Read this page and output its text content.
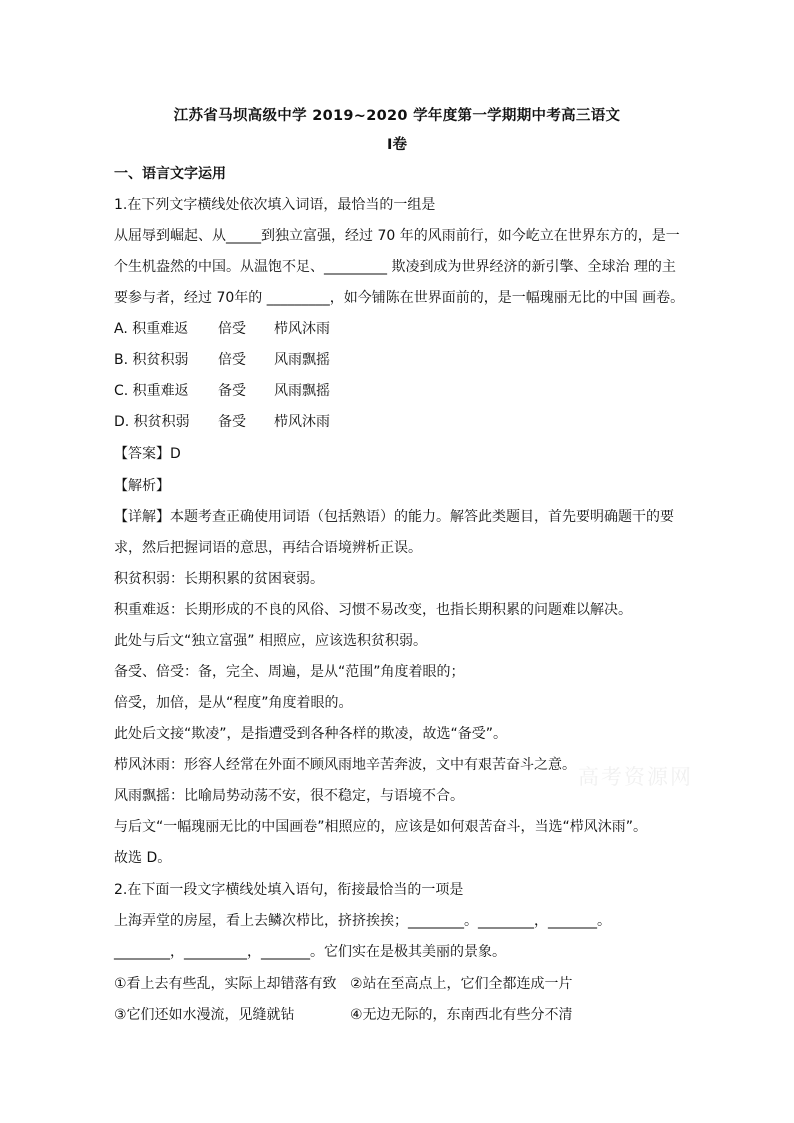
江苏省马坝高级中学 2019~2020 学年度第一学期期中考高三语文
Ⅰ卷
一、语言文字运用
1.在下列文字横线处依次填入词语，最恰当的一组是
从屈辱到崛起、从_____到独立富强，经过 70 年的风雨前行，如今屹立在世界东方的，是一
个生机盎然的中国。从温饱不足、_________ 欺凌到成为世界经济的新引擎、全球治 理的主
要参与者，经过 70年的 _________，如今铺陈在世界面前的，是一幅瑰丽无比的中国 画卷。
A. 积重难返 倍受 栉风沐雨
B. 积贫积弱 倍受 风雨飘摇
C. 积重难返 备受 风雨飘摇
D. 积贫积弱 备受 栉风沐雨
【答案】D
【解析】
【详解】本题考查正确使用词语（包括熟语）的能力。解答此类题目，首先要明确题干的要
求，然后把握词语的意思，再结合语境辨析正误。
积贫积弱：长期积累的贫困衰弱。
积重难返：长期形成的不良的风俗、习惯不易改变，也指长期积累的问题难以解决。
此处与后文“独立富强” 相照应，应该选积贫积弱。
备受、倍受：备，完全、周遍，是从“范围”角度着眼的；
倍受，加倍，是从“程度”角度着眼的。
此处后文接“欺凌”，是指遭受到各种各样的欺凌，故选“备受”。
栉风沐雨：形容人经常在外面不顾风雨地辛苦奔波，文中有艰苦奋斗之意。
风雨飘摇：比喻局势动荡不安，很不稳定，与语境不合。
与后文“一幅瑰丽无比的中国画卷”相照应的，应该是如何艰苦奋斗，当选“栉风沐雨”。
故选 D。
2.在下面一段文字横线处填入语句，衔接最恰当的一项是
上海弄堂的房屋，看上去鳞次栉比，挤挤挨挨；________。________，_______。
________，_________，_______。它们实在是极其美丽的景象。
①看上去有些乱，实际上却错落有致 ②站在至高点上，它们全都连成一片
③它们还如水漫流，见缝就钻	④无边无际的，东南西北有些分不清
高考资源网
